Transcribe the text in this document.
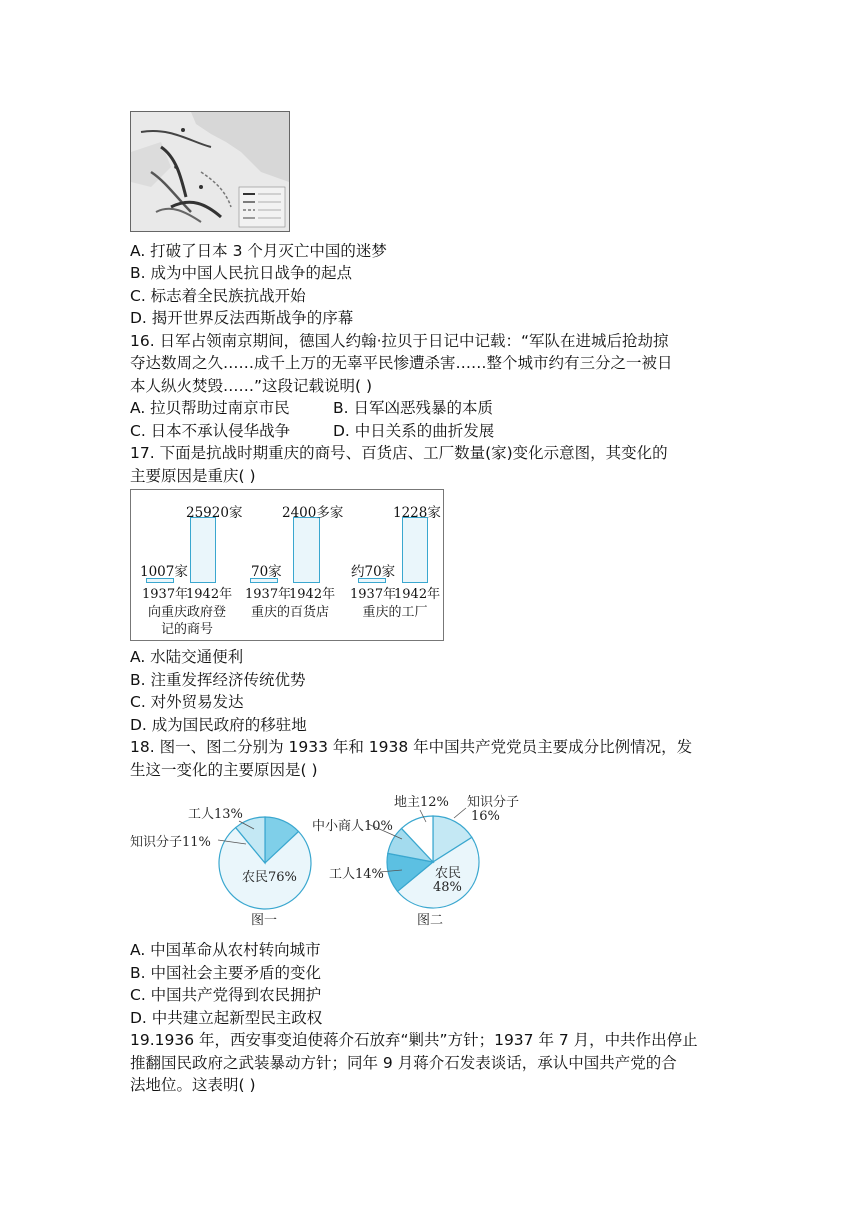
A. 打破了日本 3 个月灭亡中国的迷梦
B. 成为中国人民抗日战争的起点
C. 标志着全民族抗战开始
D. 揭开世界反法西斯战争的序幕
16. 日军占领南京期间，德国人约翰·拉贝于日记中记载：“军队在进城后抢劫掠
夺达数周之久……成千上万的无辜平民惨遭杀害……整个城市约有三分之一被日
本人纵火焚毁……”这段记载说明( )
A. 拉贝帮助过南京市民	B. 日军凶恶残暴的本质
C. 日本不承认侵华战争	D. 中日关系的曲折发展
17. 下面是抗战时期重庆的商号、百货店、工厂数量(家)变化示意图，其变化的
主要原因是重庆( )
1007家
25920家
1937年
1942年
向重庆政府登
记的商号
70家
2400多家
1937年
1942年
重庆的百货店
约70家
1228家
1937年
1942年
重庆的工厂
A. 水陆交通便利
B. 注重发挥经济传统优势
C. 对外贸易发达
D. 成为国民政府的移驻地
18. 图一、图二分别为 1933 年和 1938 年中国共产党党员主要成分比例情况，发
生这一变化的主要原因是( )
工人13%
知识分子11%
农民76%
图一
地主12% 知识分子
16%
中小商人10%
工人14%	农民
48%
图二
A. 中国革命从农村转向城市
B. 中国社会主要矛盾的变化
C. 中国共产党得到农民拥护
D. 中共建立起新型民主政权
19.1936 年，西安事变迫使蒋介石放弃“剿共”方针；1937 年 7 月，中共作出停止
推翻国民政府之武装暴动方针；同年 9 月蒋介石发表谈话，承认中国共产党的合
法地位。这表明( )
